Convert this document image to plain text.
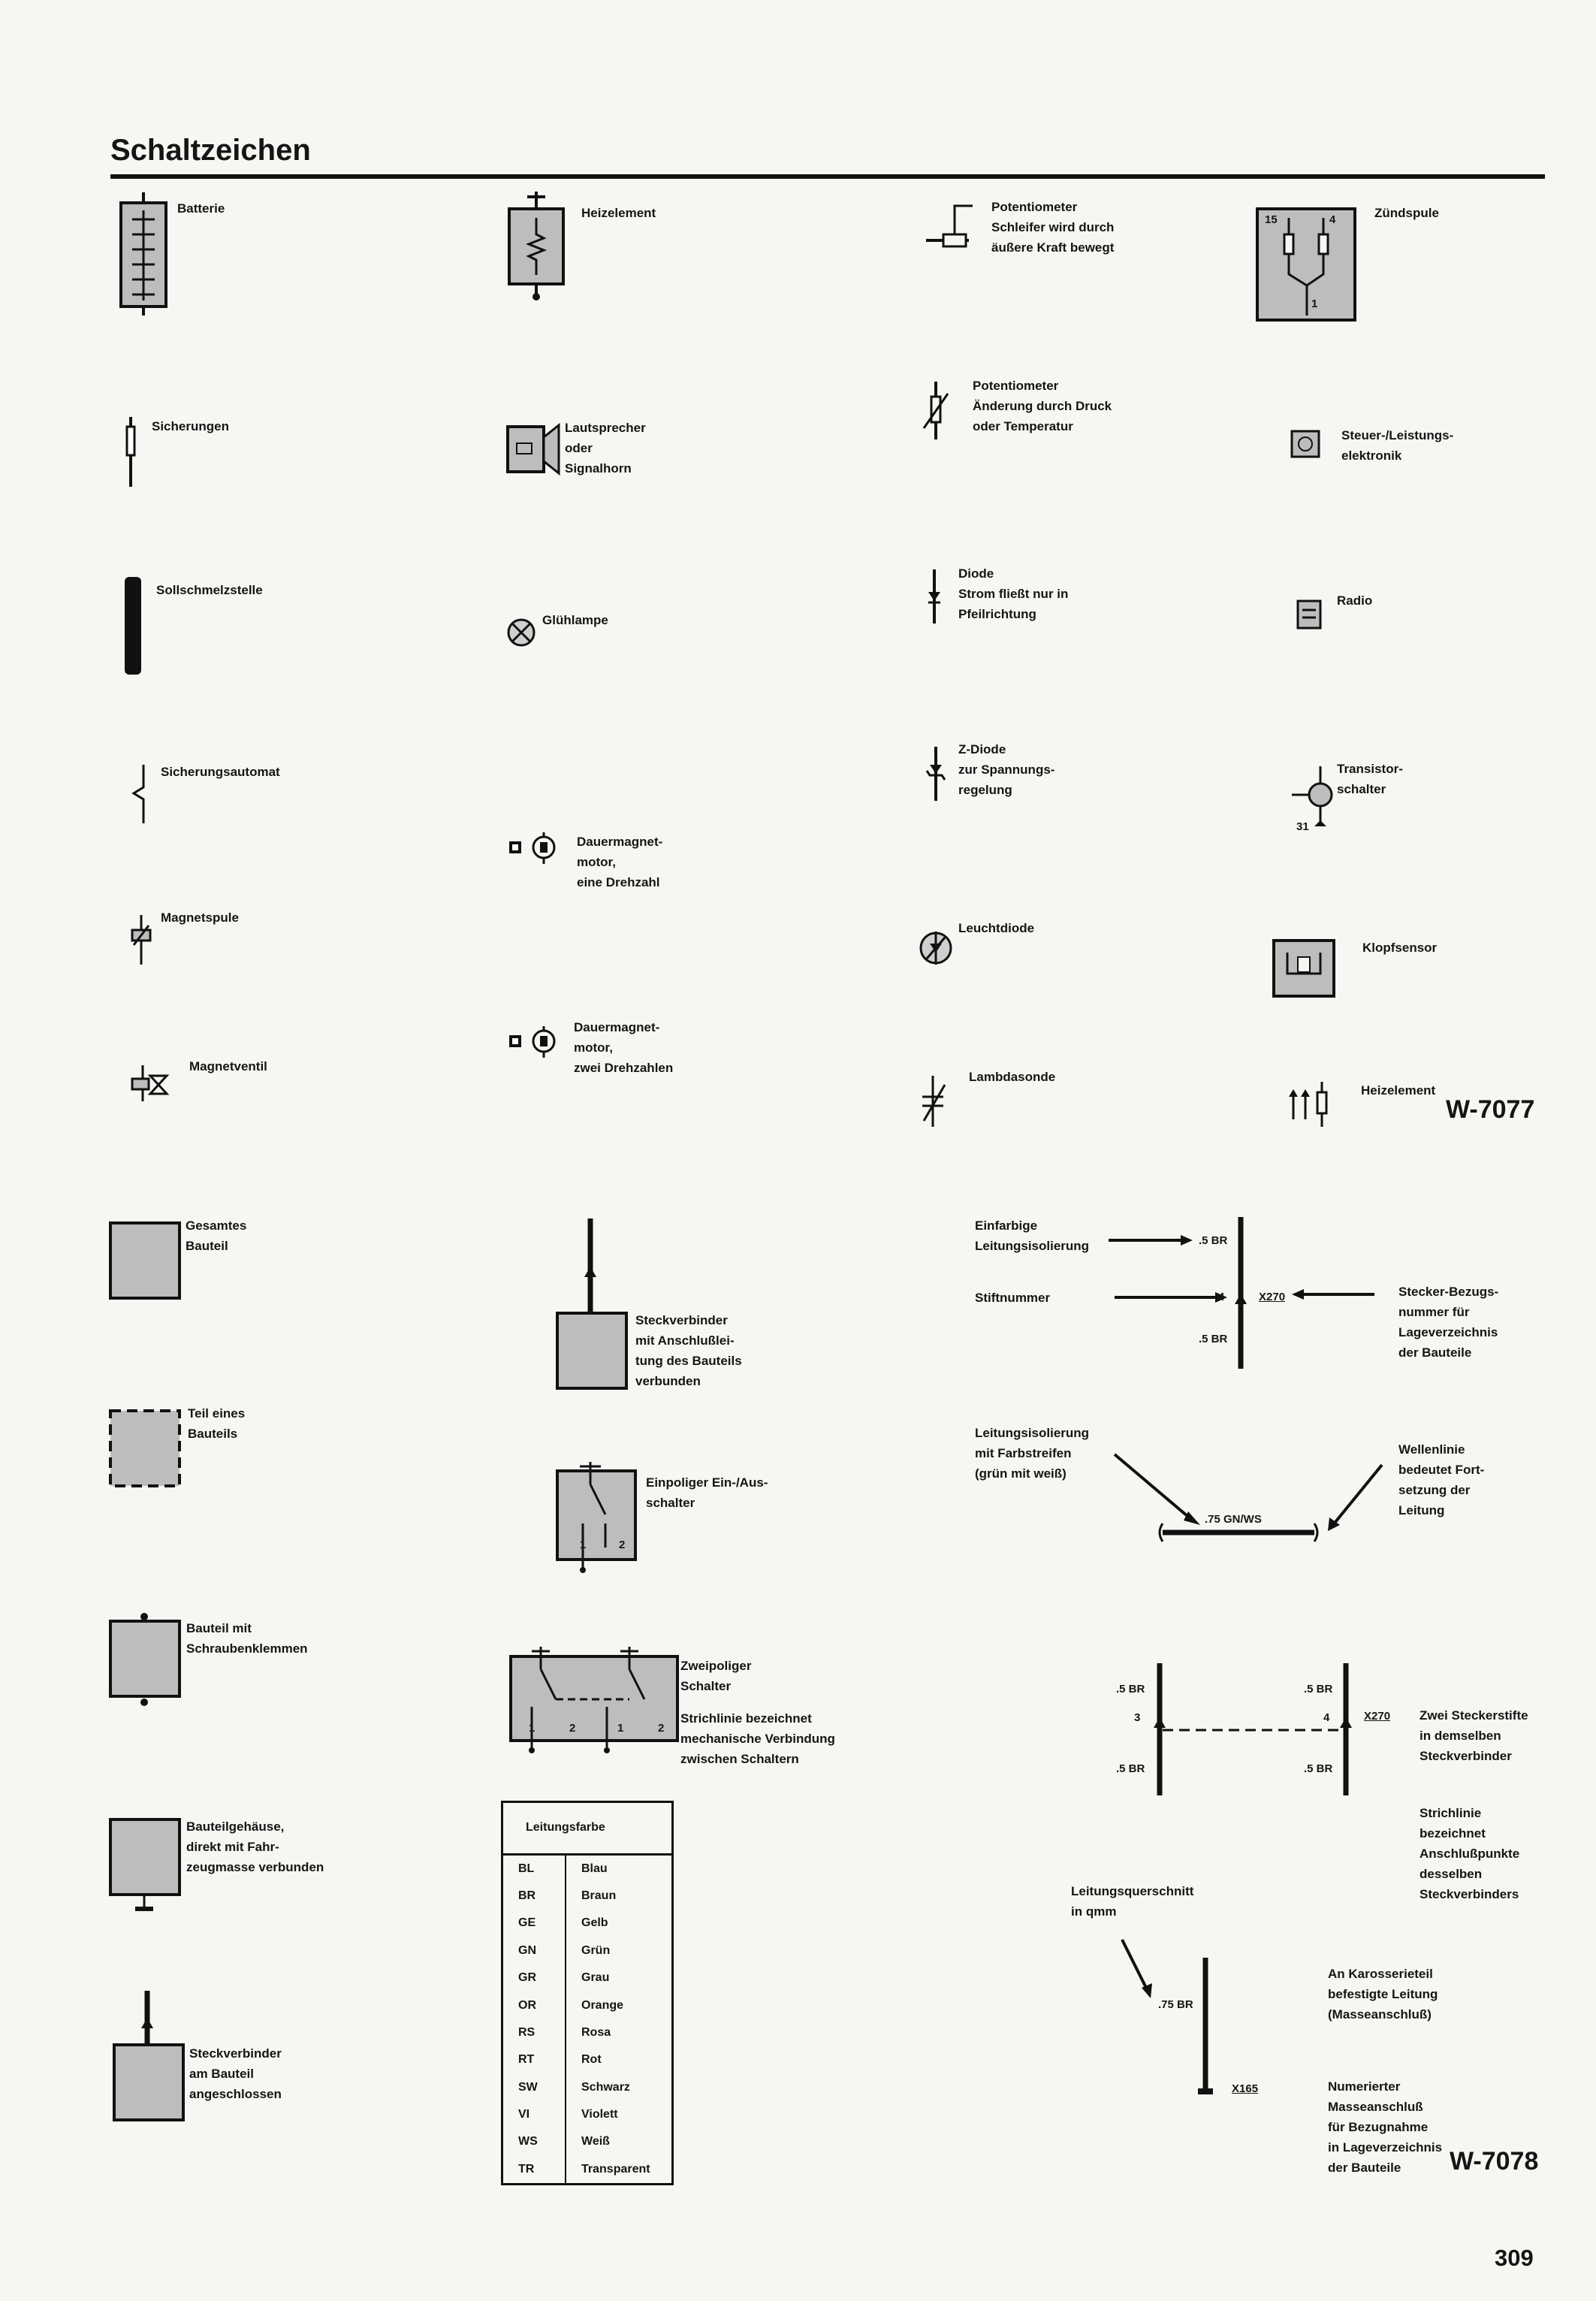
Schaltzeichen
Batterie	Heizelement	Potentiometer
Schleifer wird durch
äußere Kraft bewegt
Zündspule
15	4
1
Potentiometer
Änderung durch Druck
oder Temperatur
Sicherungen	Lautsprecher
oder
Signalhorn
Steuer-/Leistungs-
elektronik
Diode
Strom fließt nur in
Pfeilrichtung
Sollschmelzstelle
Radio
Glühlampe
Z-Diode
zur Spannungs-
regelung
Transistor-
schalter
31
Sicherungsautomat
Dauermagnet-
motor,
eine Drehzahl
Magnetspule
Leuchtdiode
Klopfsensor
Dauermagnet-
motor,
zwei Drehzahlen
Magnetventil
Lambdasonde
Heizelement
W-7077
Gesamtes
Bauteil
Einfarbige
Leitungsisolierung	.5 BR
Stiftnummer	4	X270
.5 BR
Stecker-Bezugs-
nummer für
Lageverzeichnis
der Bauteile
Steckverbinder
mit Anschlußlei-
tung des Bauteils
verbunden
Teil eines
Bauteils	Leitungsisolierung
mit Farbstreifen
(grün mit weiß)
Wellenlinie
bedeutet Fort-
setzung der
Leitung
Einpoliger Ein-/Aus-
schalter
1	2
.75 GN/WS
Bauteil mit
Schraubenklemmen
Zweipoliger
Schalter
Strichlinie bezeichnet
mechanische Verbindung
zwischen Schaltern
1	2	1	2
.5 BR
3
.5 BR
.5 BR
4
.5 BR
X270 Zwei Steckerstifte
in demselben
Steckverbinder
Strichlinie
bezeichnet
Anschlußpunkte
desselben
Steckverbinders
Bauteilgehäuse,
direkt mit Fahr-
zeugmasse verbunden
Leitungsquerschnitt
in qmm
.75 BR
X165
An Karosserieteil
befestigte Leitung
(Masseanschluß)
Numerierter
Masseanschluß
für Bezugnahme
in Lageverzeichnis
der Bauteile	W-7078
Steckverbinder
am Bauteil
angeschlossen
Leitungsfarbe	
BL	Blau
BR	Braun
GE	Gelb
GN	Grün
GR	Grau
OR	Orange
RS	Rosa
RT	Rot
SW	Schwarz
VI	Violett
WS	Weiß
TR	Transparent
309
